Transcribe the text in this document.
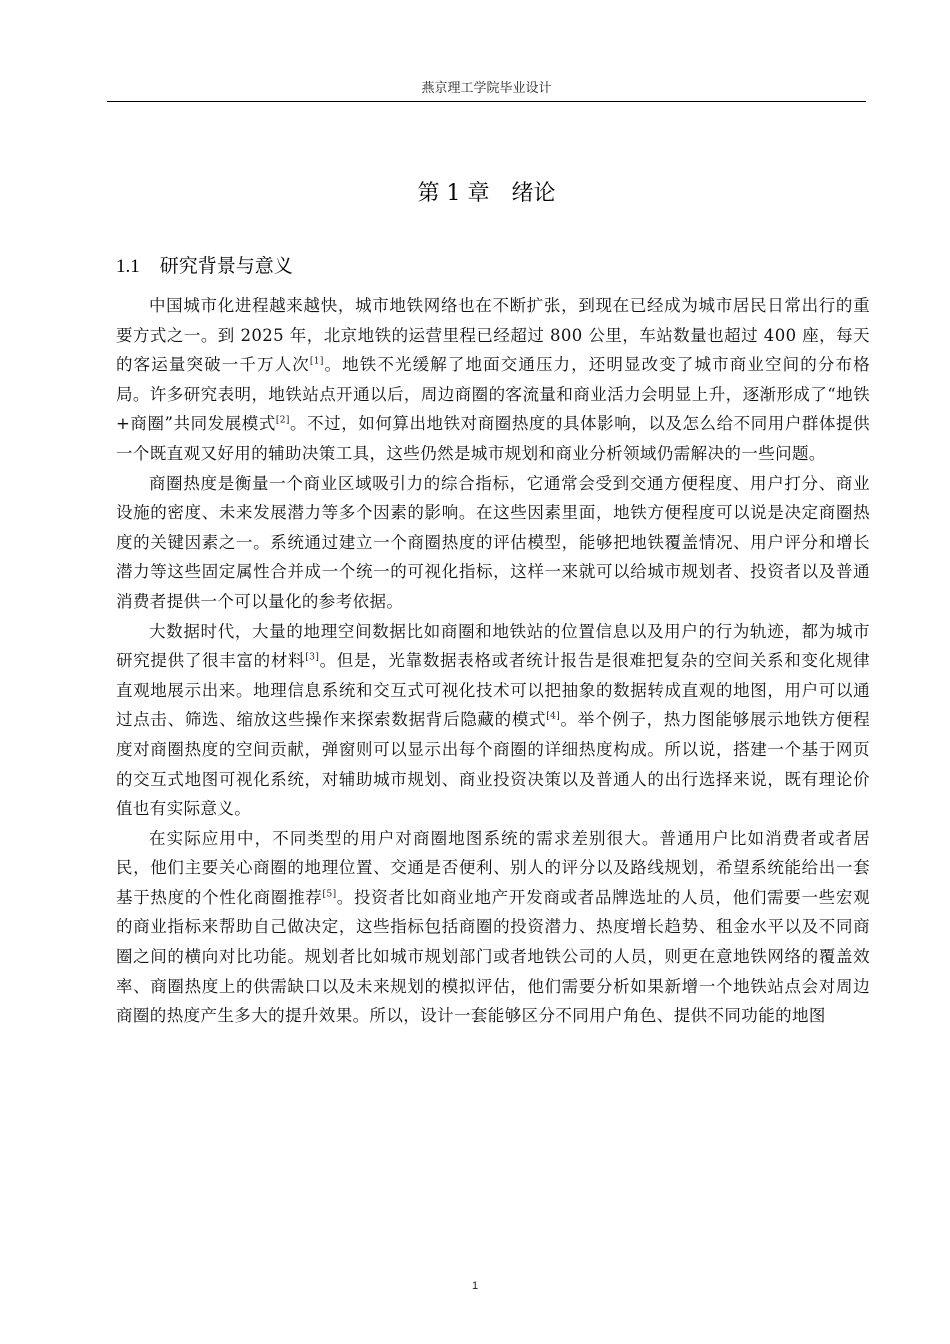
燕京理工学院毕业设计
第 1 章 绪论
1.1 研究背景与意义

中国城市化进程越来越快，城市地铁网络也在不断扩张，到现在已经成为城市居民日常出行的重要方式之一。到 2025 年，北京地铁的运营里程已经超过 800 公里，车站数量也超过 400 座，每天的客运量突破一千万人次[1]。地铁不光缓解了地面交通压力，还明显改变了城市商业空间的分布格局。许多研究表明，地铁站点开通以后，周边商圈的客流量和商业活力会明显上升，逐渐形成了“地铁+商圈”共同发展模式[2]。不过，如何算出地铁对商圈热度的具体影响，以及怎么给不同用户群体提供一个既直观又好用的辅助决策工具，这些仍然是城市规划和商业分析领域仍需解决的一些问题。

商圈热度是衡量一个商业区域吸引力的综合指标，它通常会受到交通方便程度、用户打分、商业设施的密度、未来发展潜力等多个因素的影响。在这些因素里面，地铁方便程度可以说是决定商圈热度的关键因素之一。系统通过建立一个商圈热度的评估模型，能够把地铁覆盖情况、用户评分和增长潜力等这些固定属性合并成一个统一的可视化指标，这样一来就可以给城市规划者、投资者以及普通消费者提供一个可以量化的参考依据。

大数据时代，大量的地理空间数据比如商圈和地铁站的位置信息以及用户的行为轨迹，都为城市研究提供了很丰富的材料[3]。但是，光靠数据表格或者统计报告是很难把复杂的空间关系和变化规律直观地展示出来。地理信息系统和交互式可视化技术可以把抽象的数据转成直观的地图，用户可以通过点击、筛选、缩放这些操作来探索数据背后隐藏的模式[4]。举个例子，热力图能够展示地铁方便程度对商圈热度的空间贡献，弹窗则可以显示出每个商圈的详细热度构成。所以说，搭建一个基于网页的交互式地图可视化系统，对辅助城市规划、商业投资决策以及普通人的出行选择来说，既有理论价值也有实际意义。

在实际应用中，不同类型的用户对商圈地图系统的需求差别很大。普通用户比如消费者或者居民，他们主要关心商圈的地理位置、交通是否便利、别人的评分以及路线规划，希望系统能给出一套基于热度的个性化商圈推荐[5]。投资者比如商业地产开发商或者品牌选址的人员，他们需要一些宏观的商业指标来帮助自己做决定，这些指标包括商圈的投资潜力、热度增长趋势、租金水平以及不同商圈之间的横向对比功能。规划者比如城市规划部门或者地铁公司的人员，则更在意地铁网络的覆盖效率、商圈热度上的供需缺口以及未来规划的模拟评估，他们需要分析如果新增一个地铁站点会对周边商圈的热度产生多大的提升效果。所以，设计一套能够区分不同用户角色、提供不同功能的地图

1
